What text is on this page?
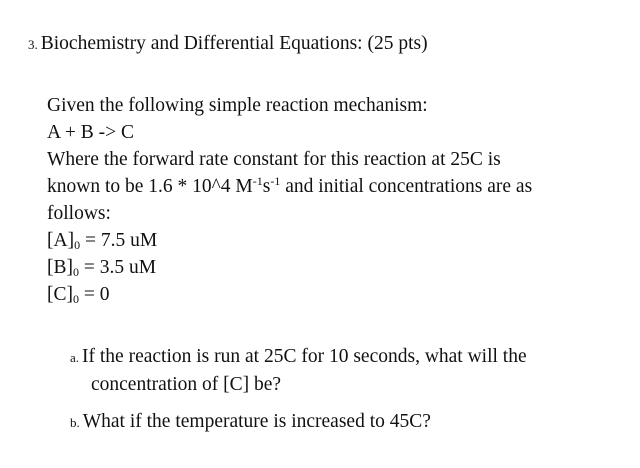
3. Biochemistry and Differential Equations: (25 pts)
Given the following simple reaction mechanism:
A + B -> C
Where the forward rate constant for this reaction at 25C is
known to be 1.6 * 10^4 $M^{-1}s^{-1}$ and initial concentrations are as
follows:
$[A]_0 = 7.5$ uM
$[B]_0 = 3.5$ uM
$[C]_0 = 0$
a. If the reaction is run at 25C for 10 seconds, what will the
concentration of [C] be?
b. What if the temperature is increased to 45C?
